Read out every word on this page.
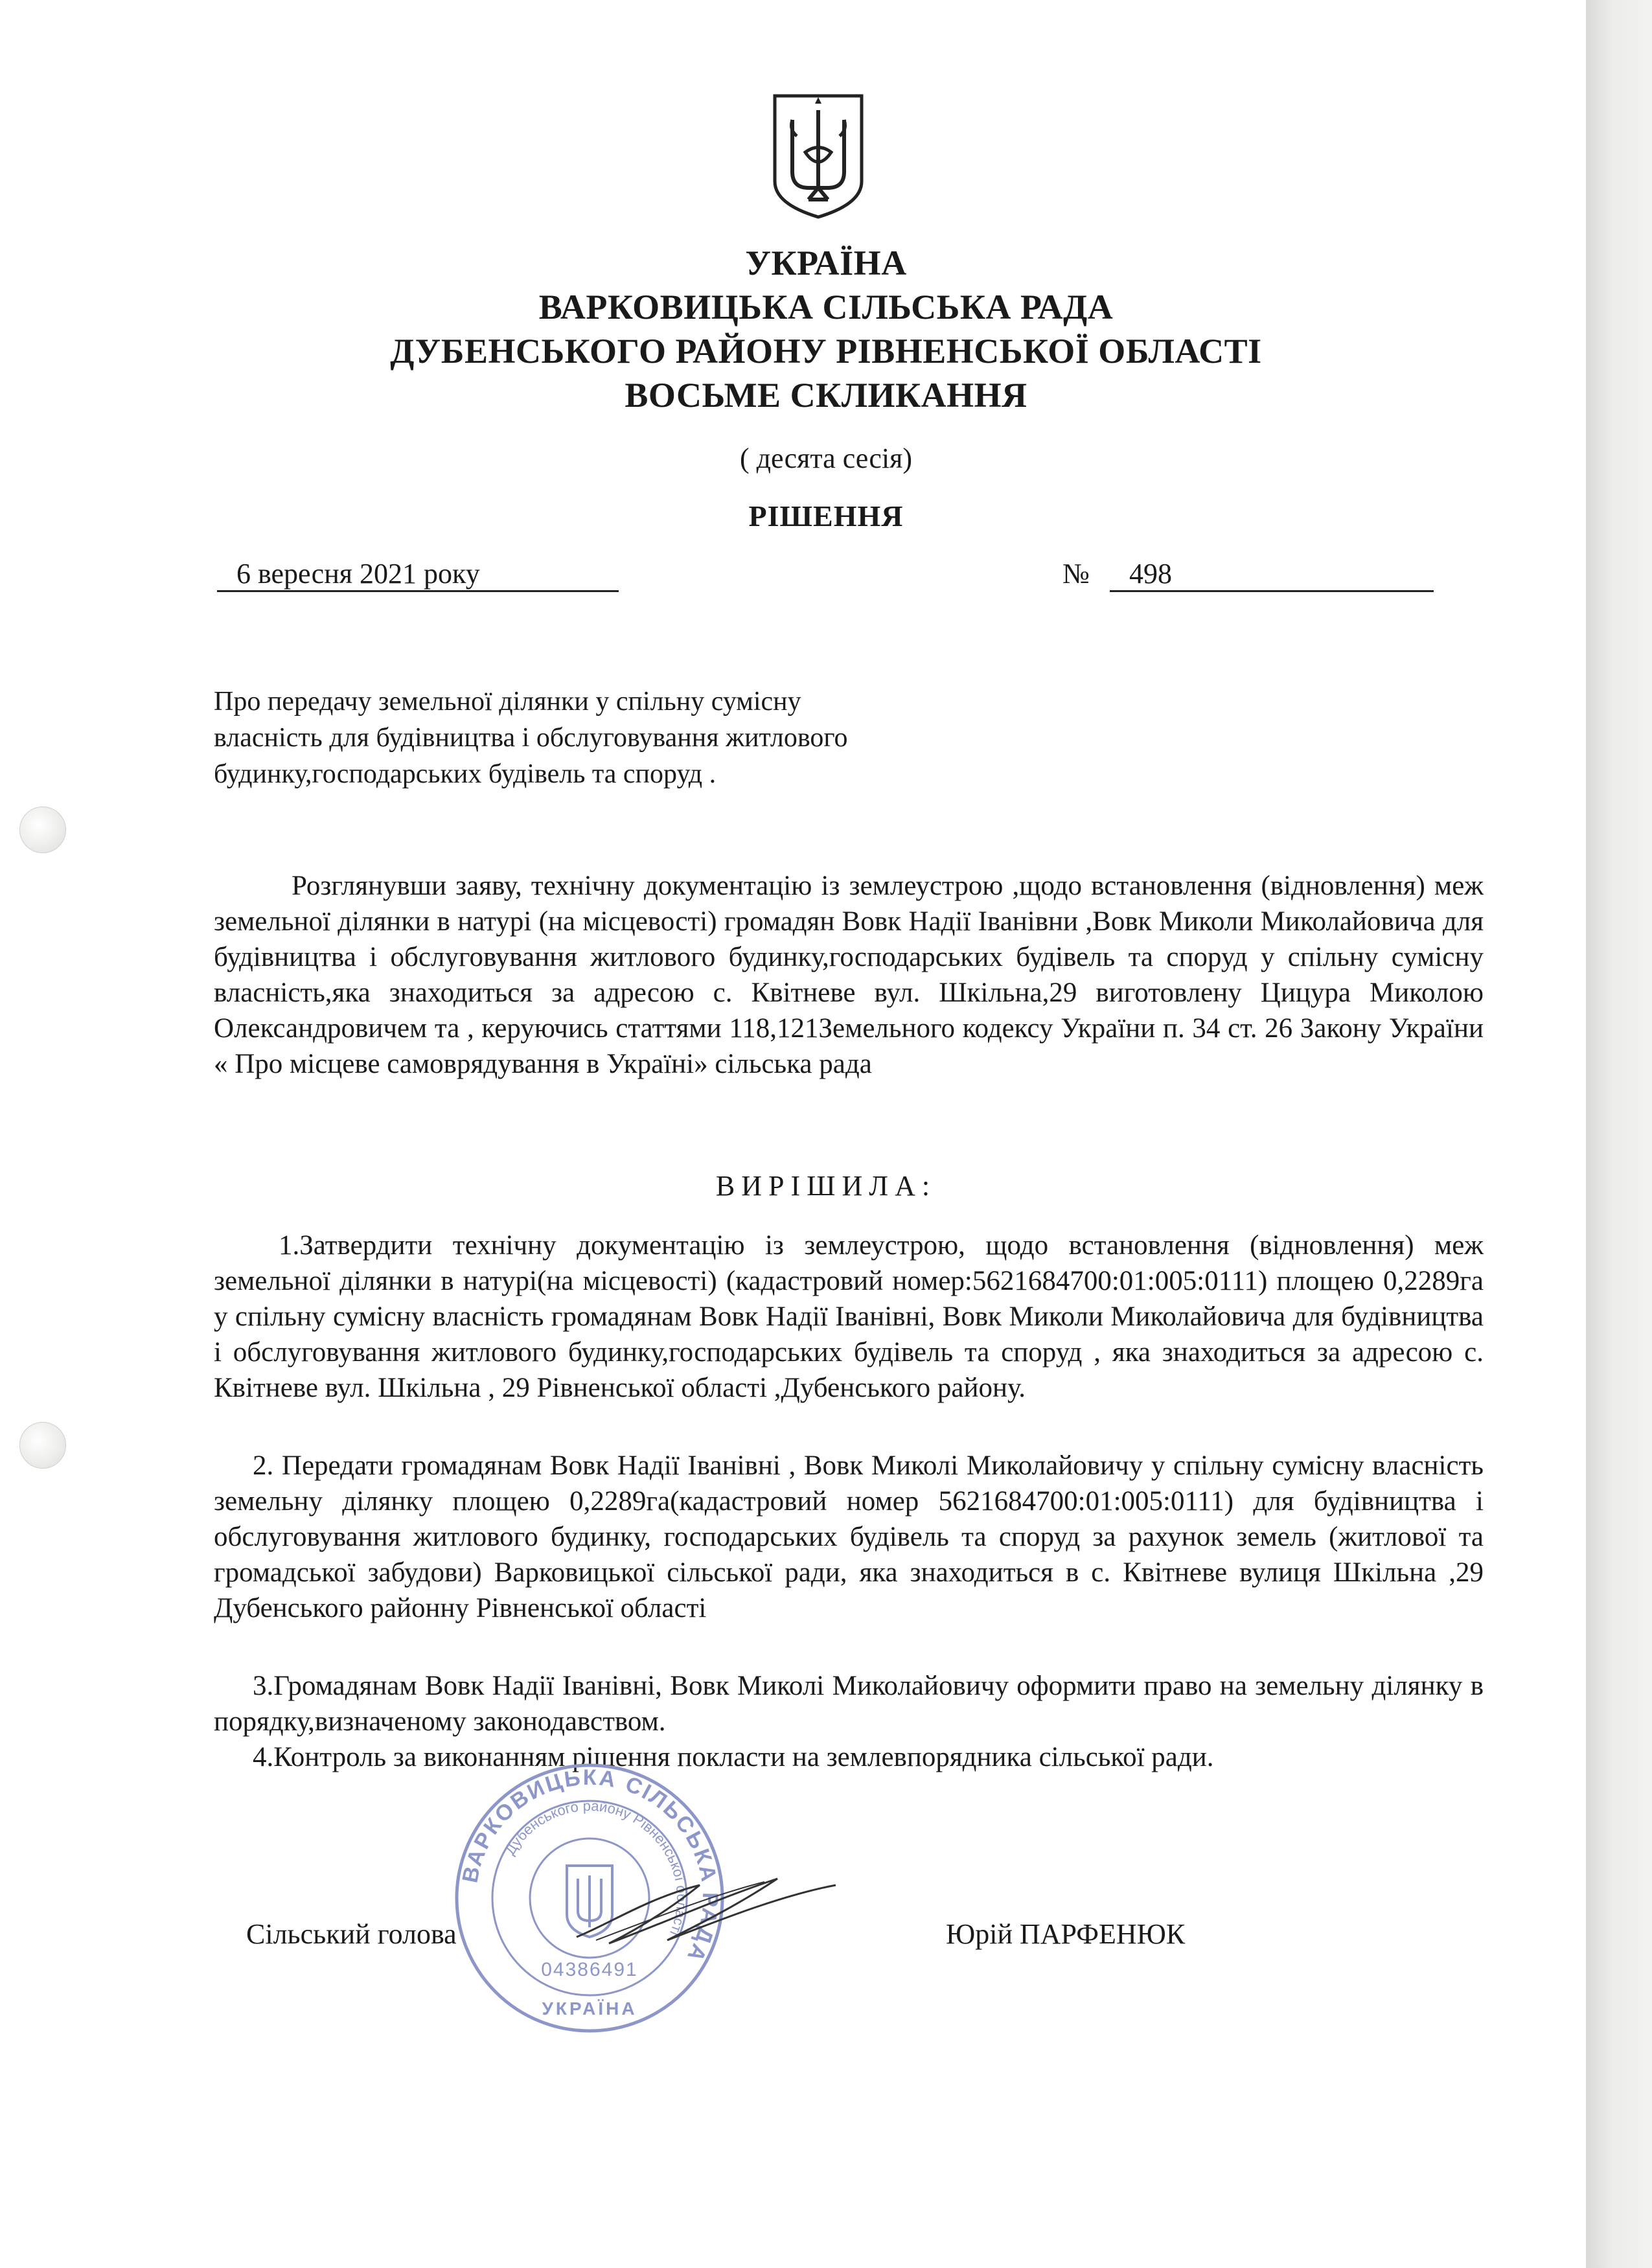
УКРАЇНА
ВАРКОВИЦЬКА СІЛЬСЬКА РАДА
ДУБЕНСЬКОГО РАЙОНУ РІВНЕНСЬКОЇ ОБЛАСТІ
ВОСЬМЕ СКЛИКАННЯ
( десята сесія)
РІШЕННЯ
6 вересня 2021 року	№ 498
Про передачу земельної ділянки у спільну сумісну
власність для будівництва і обслуговування житлового
будинку,господарських будівель та споруд .
Розглянувши заяву, технічну документацію із землеустрою ,щодо встановлення (відновлення) меж земельної ділянки в натурі (на місцевості) громадян Вовк Надії Іванівни ,Вовк Миколи Миколайовича для будівництва і обслуговування житлового будинку,господарських будівель та споруд у спільну сумісну власність,яка знаходиться за адресою с. Квітневе вул. Шкільна,29 виготовлену Цицура Миколою Олександровичем та , керуючись статтями 118,121Земельного кодексу України п. 34 ст. 26 Закону України « Про місцеве самоврядування в Україні» сільська рада
ВИРІШИЛА:
1.Затвердити технічну документацію із землеустрою, щодо встановлення (відновлення) меж земельної ділянки в натурі(на місцевості) (кадастровий номер:5621684700:01:005:0111) площею 0,2289га у спільну сумісну власність громадянам Вовк Надії Іванівні, Вовк Миколи Миколайовича для будівництва і обслуговування житлового будинку,господарських будівель та споруд , яка знаходиться за адресою с. Квітневе вул. Шкільна , 29 Рівненської області ,Дубенського району.
2. Передати громадянам Вовк Надії Іванівні , Вовк Миколі Миколайовичу у спільну сумісну власність земельну ділянку площею 0,2289га(кадастровий номер 5621684700:01:005:0111) для будівництва і обслуговування житлового будинку, господарських будівель та споруд за рахунок земель (житлової та громадської забудови) Варковицької сільської ради, яка знаходиться в с. Квітневе вулиця Шкільна ,29 Дубенського районну Рівненської області
3.Громадянам Вовк Надії Іванівні, Вовк Миколі Миколайовичу оформити право на земельну ділянку в порядку,визначеному законодавством.
4.Контроль за виконанням рішення покласти на землевпорядника сільської ради.
ВАРКОВИЦЬКА СІЛЬСЬКА РАДА
Дубенського району Рівненської області
УКРАЇНА
04386491
Сільський голова	Юрій ПАРФЕНЮК
